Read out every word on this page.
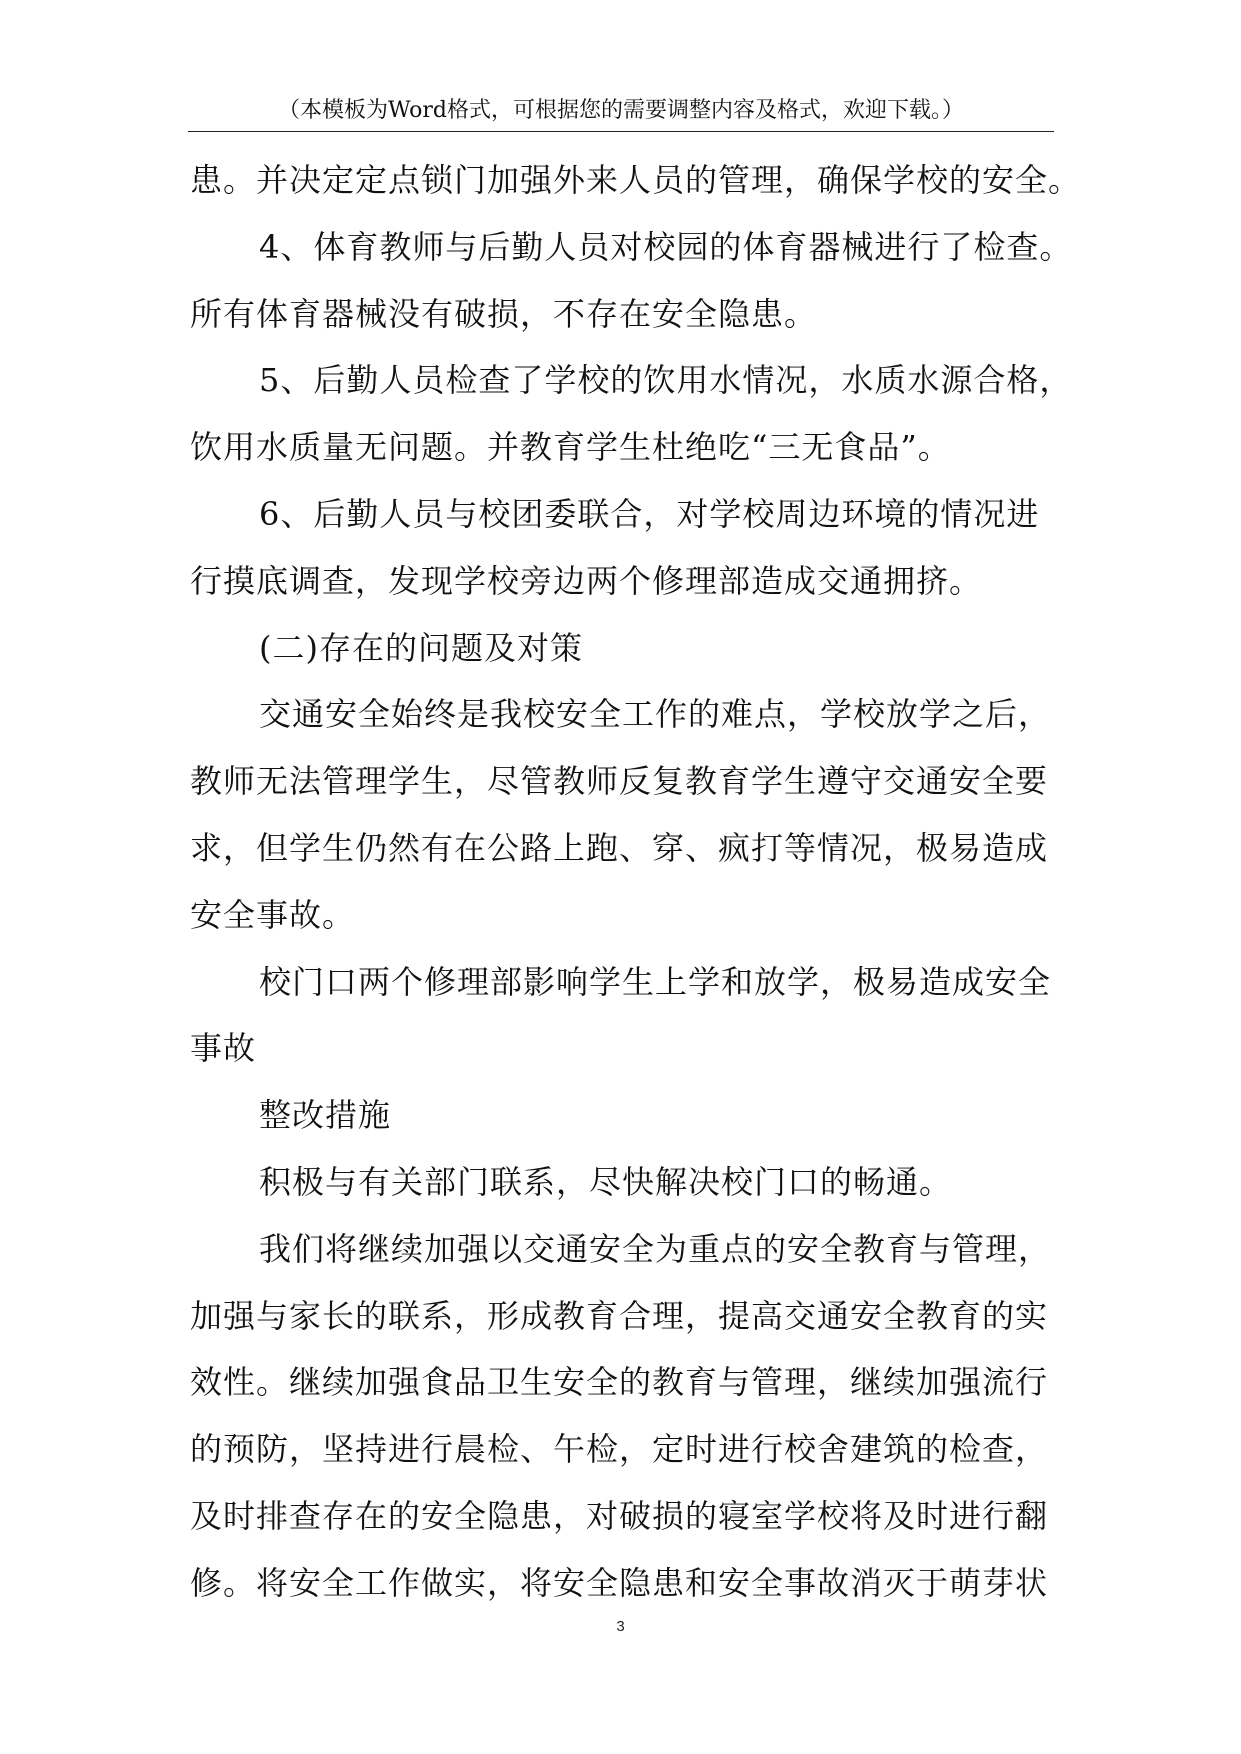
（本模板为Word格式，可根据您的需要调整内容及格式，欢迎下载。）
患。并决定定点锁门加强外来人员的管理，确保学校的安全。
4、体育教师与后勤人员对校园的体育器械进行了检查。
所有体育器械没有破损，不存在安全隐患。
5、后勤人员检查了学校的饮用水情况，水质水源合格，
饮用水质量无问题。并教育学生杜绝吃“三无食品”。
6、后勤人员与校团委联合，对学校周边环境的情况进
行摸底调查，发现学校旁边两个修理部造成交通拥挤。
(二)存在的问题及对策
交通安全始终是我校安全工作的难点，学校放学之后，
教师无法管理学生，尽管教师反复教育学生遵守交通安全要
求，但学生仍然有在公路上跑、穿、疯打等情况，极易造成
安全事故。
校门口两个修理部影响学生上学和放学，极易造成安全
事故
整改措施
积极与有关部门联系，尽快解决校门口的畅通。
我们将继续加强以交通安全为重点的安全教育与管理，
加强与家长的联系，形成教育合理，提高交通安全教育的实
效性。继续加强食品卫生安全的教育与管理，继续加强流行
的预防，坚持进行晨检、午检，定时进行校舍建筑的检查，
及时排查存在的安全隐患，对破损的寝室学校将及时进行翻
修。将安全工作做实，将安全隐患和安全事故消灭于萌芽状
3
